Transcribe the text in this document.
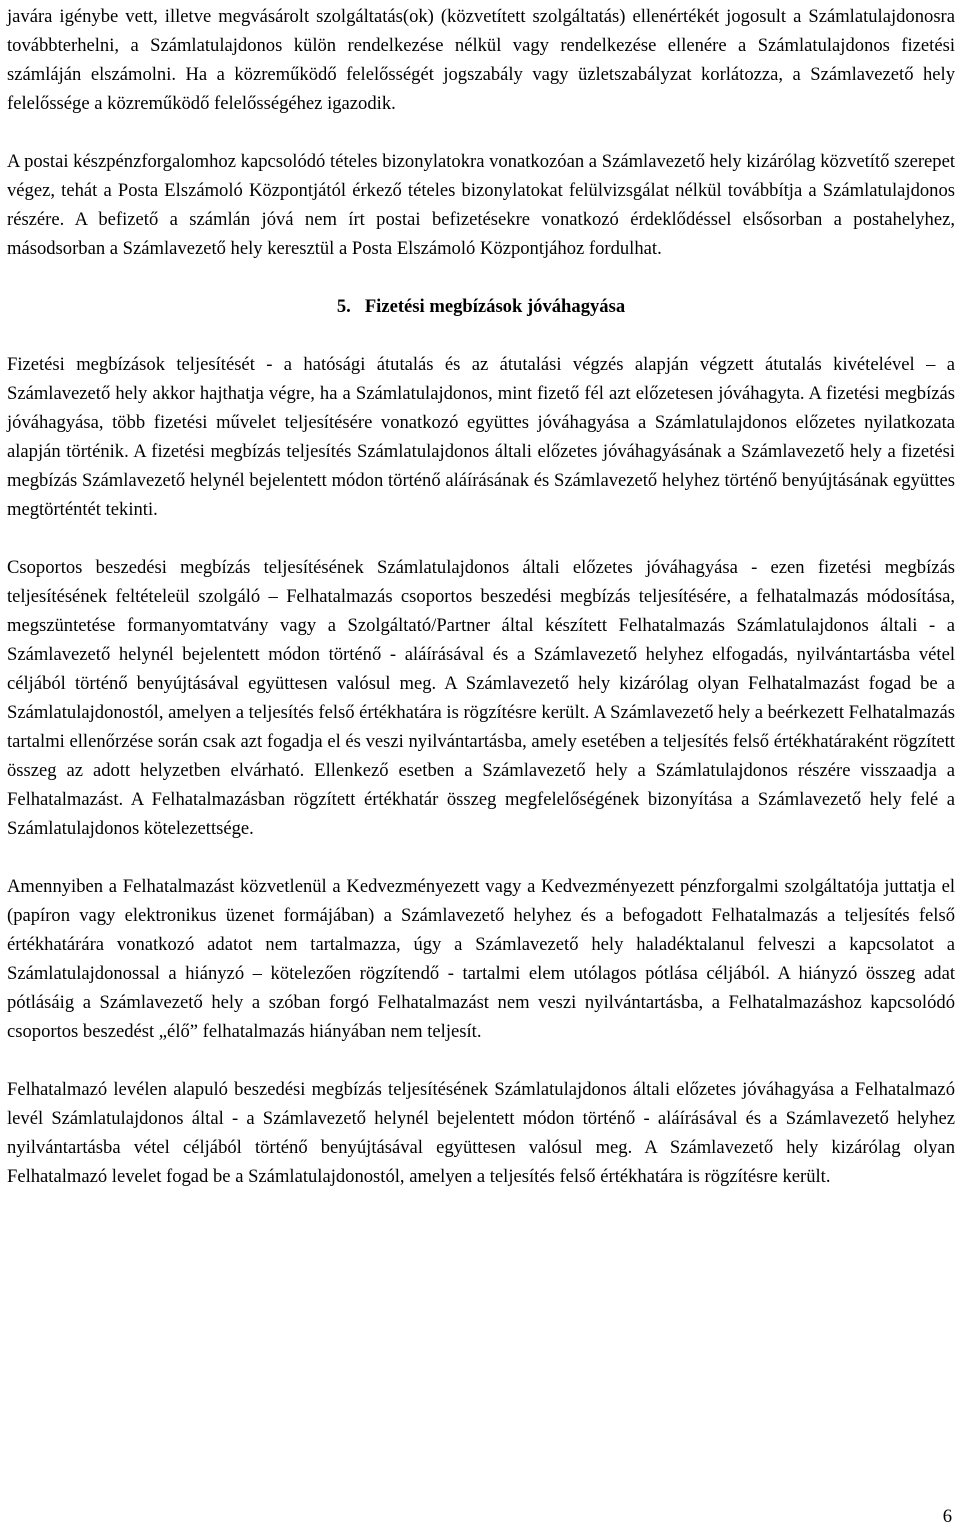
javára igénybe vett, illetve megvásárolt szolgáltatás(ok) (közvetített szolgáltatás) ellenértékét jogosult a Számlatulajdonosra továbbterhelni, a Számlatulajdonos külön rendelkezése nélkül vagy rendelkezése ellenére a Számlatulajdonos fizetési számláján elszámolni. Ha a közreműködő felelősségét jogszabály vagy üzletszabályzat korlátozza, a Számlavezető hely felelőssége a közreműködő felelősségéhez igazodik.

A postai készpénzforgalomhoz kapcsolódó tételes bizonylatokra vonatkozóan a Számlavezető hely kizárólag közvetítő szerepet végez, tehát a Posta Elszámoló Központjától érkező tételes bizonylatokat felülvizsgálat nélkül továbbítja a Számlatulajdonos részére. A befizető a számlán jóvá nem írt postai befizetésekre vonatkozó érdeklődéssel elsősorban a postahelyhez, másodsorban a Számlavezető hely keresztül a Posta Elszámoló Központjához fordulhat.

5. Fizetési megbízások jóváhagyása

Fizetési megbízások teljesítését - a hatósági átutalás és az átutalási végzés alapján végzett átutalás kivételével – a Számlavezető hely akkor hajthatja végre, ha a Számlatulajdonos, mint fizető fél azt előzetesen jóváhagyta. A fizetési megbízás jóváhagyása, több fizetési művelet teljesítésére vonatkozó együttes jóváhagyása a Számlatulajdonos előzetes nyilatkozata alapján történik. A fizetési megbízás teljesítés Számlatulajdonos általi előzetes jóváhagyásának a Számlavezető hely a fizetési megbízás Számlavezető helynél bejelentett módon történő aláírásának és Számlavezető helyhez történő benyújtásának együttes megtörténtét tekinti.

Csoportos beszedési megbízás teljesítésének Számlatulajdonos általi előzetes jóváhagyása - ezen fizetési megbízás teljesítésének feltételeül szolgáló – Felhatalmazás csoportos beszedési megbízás teljesítésére, a felhatalmazás módosítása, megszüntetése formanyomtatvány vagy a Szolgáltató/Partner által készített Felhatalmazás Számlatulajdonos általi - a Számlavezető helynél bejelentett módon történő - aláírásával és a Számlavezető helyhez elfogadás, nyilvántartásba vétel céljából történő benyújtásával együttesen valósul meg. A Számlavezető hely kizárólag olyan Felhatalmazást fogad be a Számlatulajdonostól, amelyen a teljesítés felső értékhatára is rögzítésre került. A Számlavezető hely a beérkezett Felhatalmazás tartalmi ellenőrzése során csak azt fogadja el és veszi nyilvántartásba, amely esetében a teljesítés felső értékhatáraként rögzített összeg az adott helyzetben elvárható. Ellenkező esetben a Számlavezető hely a Számlatulajdonos részére visszaadja a Felhatalmazást. A Felhatalmazásban rögzített értékhatár összeg megfelelőségének bizonyítása a Számlavezető hely felé a Számlatulajdonos kötelezettsége.

Amennyiben a Felhatalmazást közvetlenül a Kedvezményezett vagy a Kedvezményezett pénzforgalmi szolgáltatója juttatja el (papíron vagy elektronikus üzenet formájában) a Számlavezető helyhez és a befogadott Felhatalmazás a teljesítés felső értékhatárára vonatkozó adatot nem tartalmazza, úgy a Számlavezető hely haladéktalanul felveszi a kapcsolatot a Számlatulajdonossal a hiányzó – kötelezően rögzítendő - tartalmi elem utólagos pótlása céljából. A hiányzó összeg adat pótlásáig a Számlavezető hely a szóban forgó Felhatalmazást nem veszi nyilvántartásba, a Felhatalmazáshoz kapcsolódó csoportos beszedést „élő” felhatalmazás hiányában nem teljesít.

Felhatalmazó levélen alapuló beszedési megbízás teljesítésének Számlatulajdonos általi előzetes jóváhagyása a Felhatalmazó levél Számlatulajdonos által - a Számlavezető helynél bejelentett módon történő - aláírásával és a Számlavezető helyhez nyilvántartásba vétel céljából történő benyújtásával együttesen valósul meg. A Számlavezető hely kizárólag olyan Felhatalmazó levelet fogad be a Számlatulajdonostól, amelyen a teljesítés felső értékhatára is rögzítésre került.

6
